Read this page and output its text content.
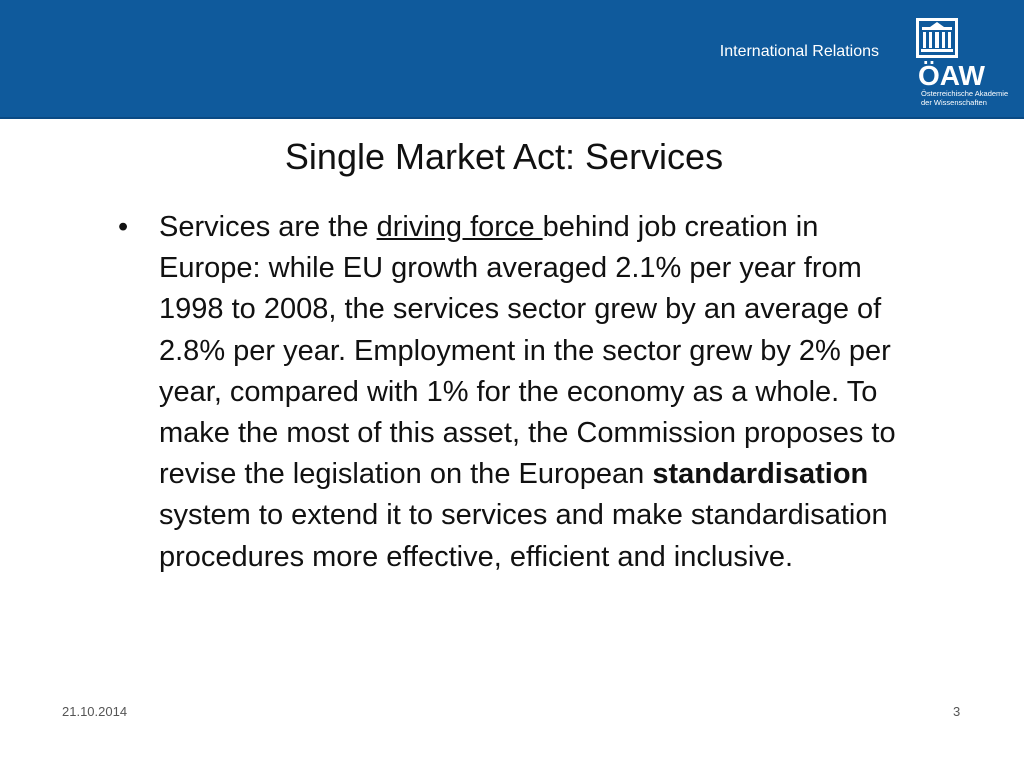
International Relations
ÖAW
Österreichische Akademie
der Wissenschaften
Single Market Act: Services
• Services are the driving force behind job creation in Europe: while EU growth averaged 2.1% per year from 1998 to 2008, the services sector grew by an average of 2.8% per year. Employment in the sector grew by 2% per year, compared with 1% for the economy as a whole. To make the most of this asset, the Commission proposes to revise the legislation on the European standardisation system to extend it to services and make standardisation procedures more effective, efficient and inclusive.
21.10.2014	3
